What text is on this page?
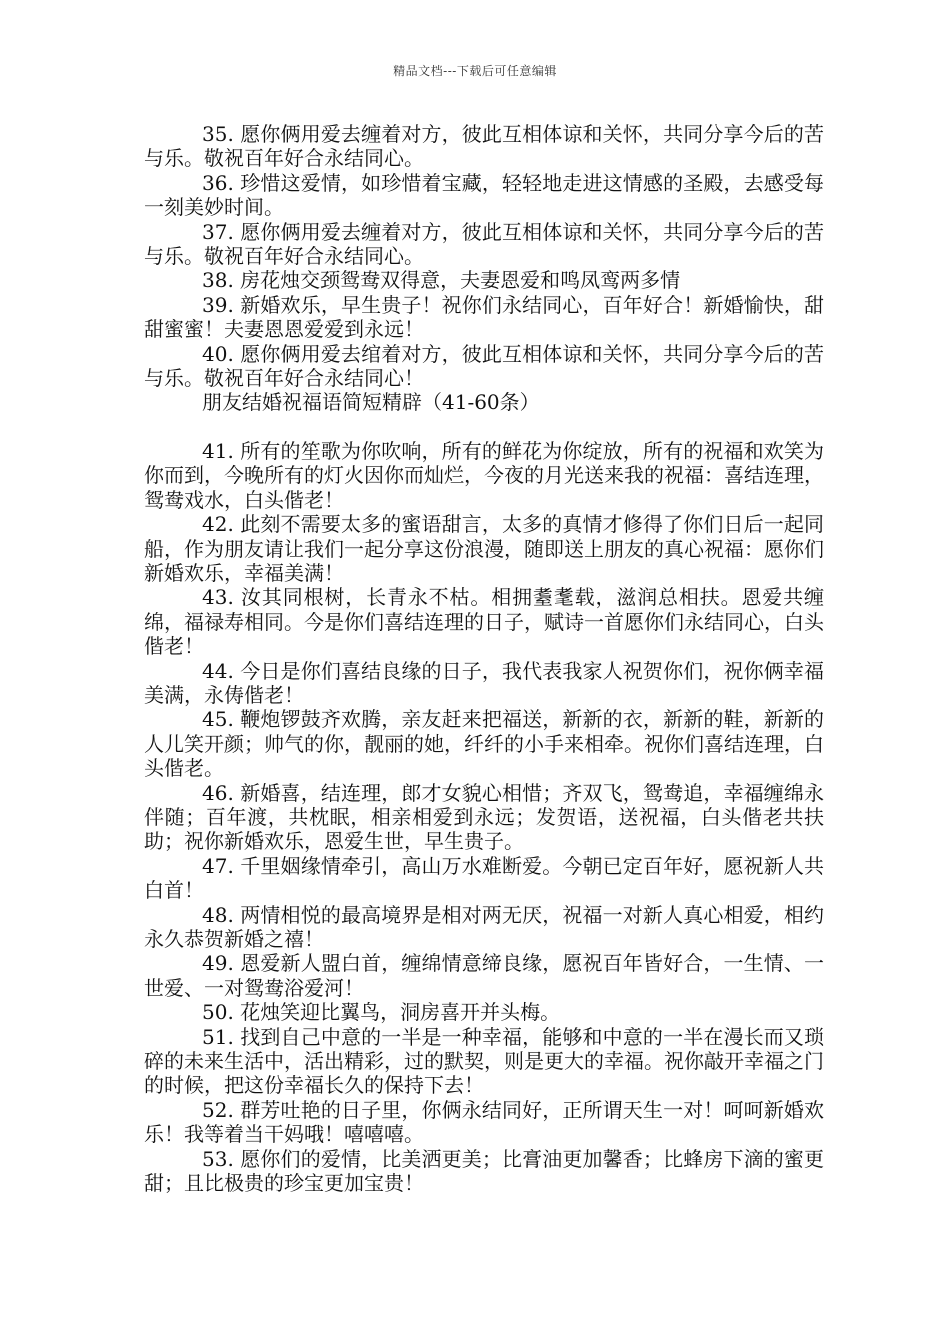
精品文档---下载后可任意编辑

35. 愿你俩用爱去缠着对方，彼此互相体谅和关怀，共同分享今后的苦与乐。敬祝百年好合永结同心。

36. 珍惜这爱情，如珍惜着宝藏，轻轻地走进这情感的圣殿，去感受每一刻美妙时间。

37. 愿你俩用爱去缠着对方，彼此互相体谅和关怀，共同分享今后的苦与乐。敬祝百年好合永结同心。

38. 房花烛交颈鸳鸯双得意，夫妻恩爱和鸣凤鸾两多情

39. 新婚欢乐，早生贵子！祝你们永结同心，百年好合！新婚愉快，甜甜蜜蜜！夫妻恩恩爱爱到永远！

40. 愿你俩用爱去绾着对方，彼此互相体谅和关怀，共同分享今后的苦与乐。敬祝百年好合永结同心！

朋友结婚祝福语简短精辟（41-60条）

41. 所有的笙歌为你吹响，所有的鲜花为你绽放，所有的祝福和欢笑为你而到，今晚所有的灯火因你而灿烂，今夜的月光送来我的祝福：喜结连理，鸳鸯戏水，白头偕老！

42. 此刻不需要太多的蜜语甜言，太多的真情才修得了你们日后一起同船，作为朋友请让我们一起分享这份浪漫，随即送上朋友的真心祝福：愿你们新婚欢乐，幸福美满！

43. 汝其同根树，长青永不枯。相拥耋耄载，滋润总相扶。恩爱共缠绵，福禄寿相同。今是你们喜结连理的日子，赋诗一首愿你们永结同心，白头偕老！

44. 今日是你们喜结良缘的日子，我代表我家人祝贺你们，祝你俩幸福美满，永俦偕老！

45. 鞭炮锣鼓齐欢腾，亲友赶来把福送，新新的衣，新新的鞋，新新的人儿笑开颜；帅气的你，靓丽的她，纤纤的小手来相牵。祝你们喜结连理，白头偕老。

46. 新婚喜，结连理，郎才女貌心相惜；齐双飞，鸳鸯追，幸福缠绵永伴随；百年渡，共枕眠，相亲相爱到永远；发贺语，送祝福，白头偕老共扶助；祝你新婚欢乐，恩爱生世，早生贵子。

47. 千里姻缘情牵引，高山万水难断爱。今朝已定百年好，愿祝新人共白首！

48. 两情相悦的最高境界是相对两无厌，祝福一对新人真心相爱，相约永久恭贺新婚之禧！

49. 恩爱新人盟白首，缠绵情意缔良缘，愿祝百年皆好合，一生情、一世爱、一对鸳鸯浴爱河！

50. 花烛笑迎比翼鸟，洞房喜开并头梅。

51. 找到自己中意的一半是一种幸福，能够和中意的一半在漫长而又琐碎的未来生活中，活出精彩，过的默契，则是更大的幸福。祝你敲开幸福之门的时候，把这份幸福长久的保持下去！

52. 群芳吐艳的日子里，你俩永结同好，正所谓天生一对！呵呵新婚欢乐！我等着当干妈哦！嘻嘻嘻。

53. 愿你们的爱情，比美洒更美；比膏油更加馨香；比蜂房下滴的蜜更甜；且比极贵的珍宝更加宝贵！
